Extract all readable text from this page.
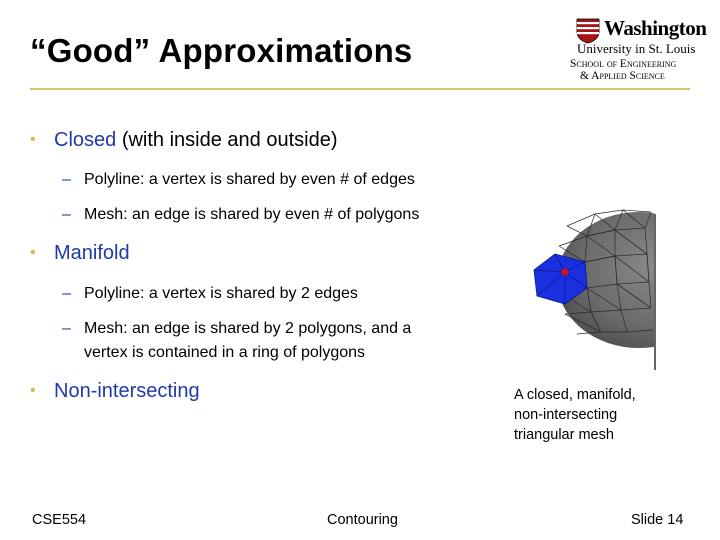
“Good” Approximations
Washington
University in St. Louis
School of Engineering
& Applied Science
• Closed (with inside and outside)
– Polyline: a vertex is shared by even # of edges
– Mesh: an edge is shared by even # of polygons
• Manifold
– Polyline: a vertex is shared by 2 edges
– Mesh: an edge is shared by 2 polygons, and a
vertex is contained in a ring of polygons
• Non-intersecting	A closed, manifold,
non-intersecting
triangular mesh
CSE554	Contouring	Slide 14
